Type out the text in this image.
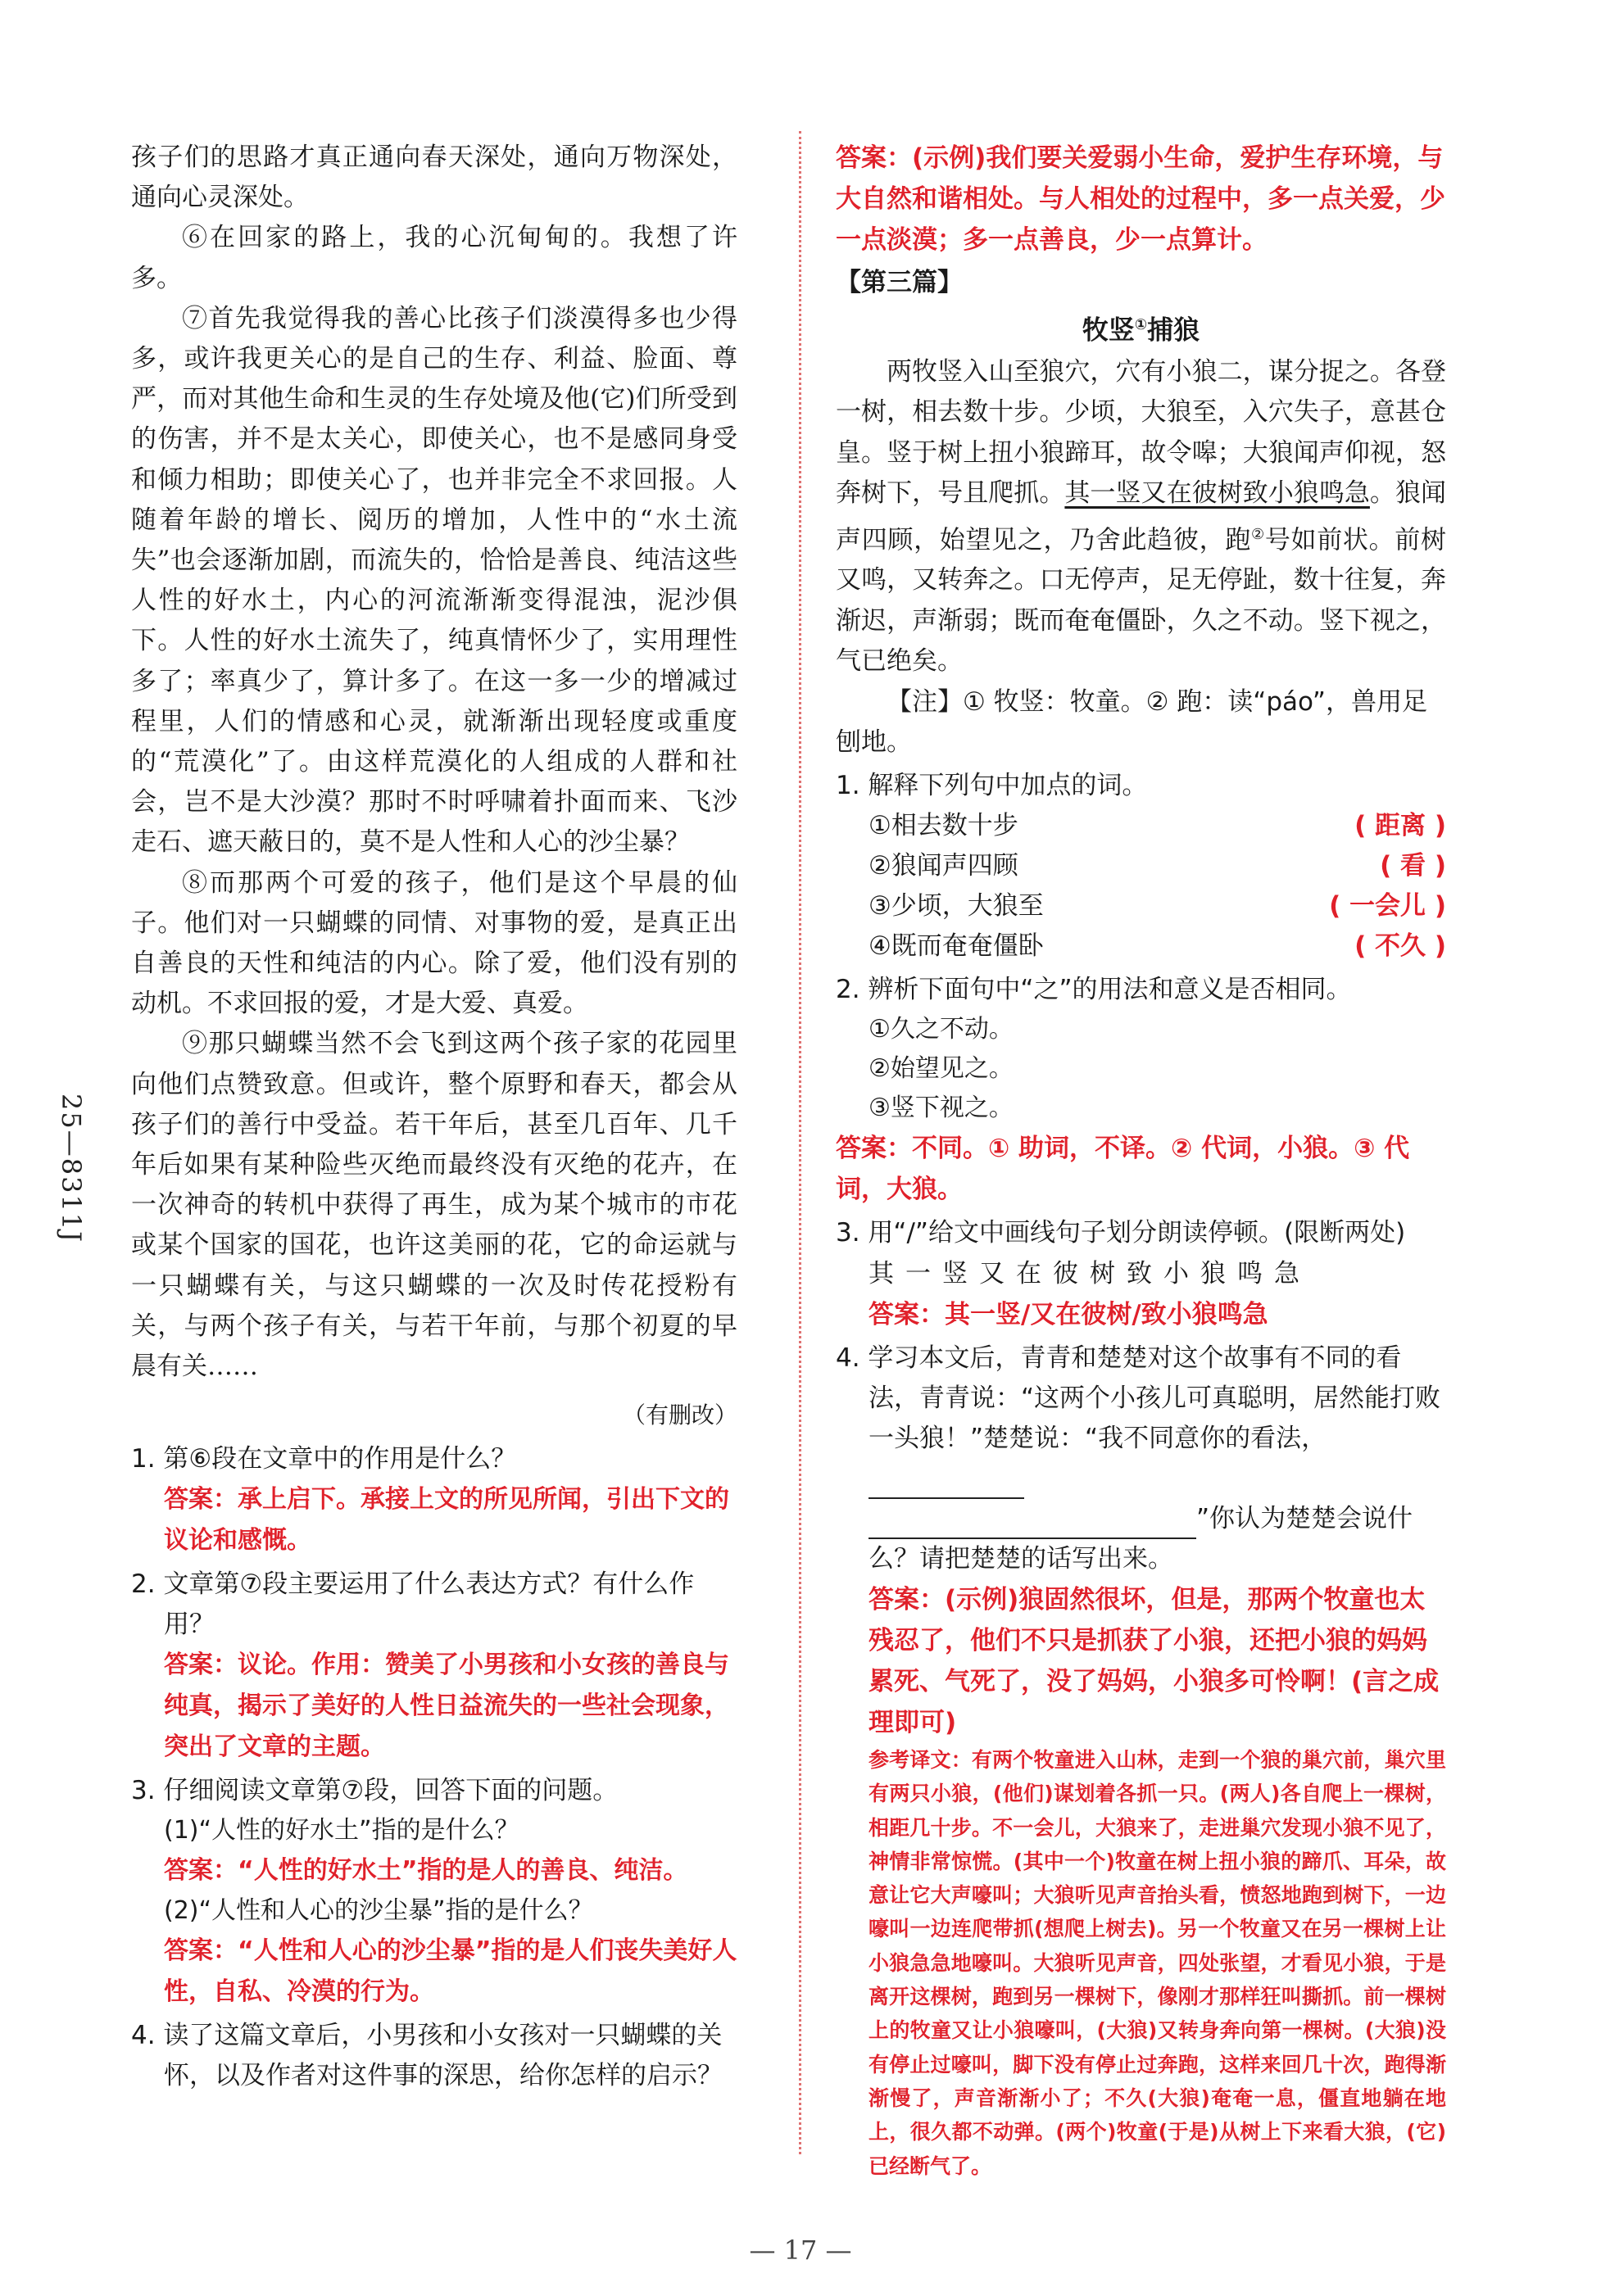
25—8311J

孩子们的思路才真正通向春天深处，通向万物深处，通向心灵深处。

⑥在回家的路上，我的心沉甸甸的。我想了许多。

⑦首先我觉得我的善心比孩子们淡漠得多也少得多，或许我更关心的是自己的生存、利益、脸面、尊严，而对其他生命和生灵的生存处境及他(它)们所受到的伤害，并不是太关心，即使关心，也不是感同身受和倾力相助；即使关心了，也并非完全不求回报。人随着年龄的增长、阅历的增加，人性中的“水土流失”也会逐渐加剧，而流失的，恰恰是善良、纯洁这些人性的好水土，内心的河流渐渐变得混浊，泥沙俱下。人性的好水土流失了，纯真情怀少了，实用理性多了；率真少了，算计多了。在这一多一少的增减过程里，人们的情感和心灵，就渐渐出现轻度或重度的“荒漠化”了。由这样荒漠化的人组成的人群和社会，岂不是大沙漠？那时不时呼啸着扑面而来、飞沙走石、遮天蔽日的，莫不是人性和人心的沙尘暴？

⑧而那两个可爱的孩子，他们是这个早晨的仙子。他们对一只蝴蝶的同情、对事物的爱，是真正出自善良的天性和纯洁的内心。除了爱，他们没有别的动机。不求回报的爱，才是大爱、真爱。

⑨那只蝴蝶当然不会飞到这两个孩子家的花园里向他们点赞致意。但或许，整个原野和春天，都会从孩子们的善行中受益。若干年后，甚至几百年、几千年后如果有某种险些灭绝而最终没有灭绝的花卉，在一次神奇的转机中获得了再生，成为某个城市的市花或某个国家的国花，也许这美丽的花，它的命运就与一只蝴蝶有关，与这只蝴蝶的一次及时传花授粉有关，与两个孩子有关，与若干年前，与那个初夏的早晨有关……

（有删改）

1. 第⑥段在文章中的作用是什么？

答案：承上启下。承接上文的所见所闻，引出下文的议论和感慨。

2. 文章第⑦段主要运用了什么表达方式？有什么作用？

答案：议论。作用：赞美了小男孩和小女孩的善良与纯真，揭示了美好的人性日益流失的一些社会现象，突出了文章的主题。

3. 仔细阅读文章第⑦段，回答下面的问题。

(1)“人性的好水土”指的是什么？

答案：“人性的好水土”指的是人的善良、纯洁。

(2)“人性和人心的沙尘暴”指的是什么？

答案：“人性和人心的沙尘暴”指的是人们丧失美好人性，自私、冷漠的行为。

4. 读了这篇文章后，小男孩和小女孩对一只蝴蝶的关怀，以及作者对这件事的深思，给你怎样的启示？

答案：(示例)我们要关爱弱小生命，爱护生存环境，与大自然和谐相处。与人相处的过程中，多一点关爱，少一点淡漠；多一点善良，少一点算计。

【第三篇】

牧竖①捕狼

两牧竖入山至狼穴，穴有小狼二，谋分捉之。各登一树，相去数十步。少顷，大狼至，入穴失子，意甚仓皇。竖于树上扭小狼蹄耳，故令嗥；大狼闻声仰视，怒奔树下，号且爬抓。其一竖又在彼树致小狼鸣急。狼闻声四顾，始望见之，乃舍此趋彼，跑②号如前状。前树又鸣，又转奔之。口无停声，足无停趾，数十往复，奔渐迟，声渐弱；既而奄奄僵卧，久之不动。竖下视之，气已绝矣。

【注】① 牧竖：牧童。② 跑：读“páo”，兽用足刨地。

1. 解释下列句中加点的词。

①相去数十步	( 距离 )
②狼闻声四顾	( 看 )
③少顷，大狼至	( 一会儿 )
④既而奄奄僵卧	( 不久 )

2. 辨析下面句中“之”的用法和意义是否相同。

①久之不动。

②始望见之。

③竖下视之。

答案：不同。① 助词，不译。② 代词，小狼。③ 代词，大狼。

3. 用“/”给文中画线句子划分朗读停顿。(限断两处)

其一竖又在彼树致小狼鸣急

答案：其一竖/又在彼树/致小狼鸣急

4. 学习本文后，青青和楚楚对这个故事有不同的看法，青青说：“这两个小孩儿可真聪明，居然能打败一头狼！”楚楚说：“我不同意你的看法，
”你认为楚楚会说什么？请把楚楚的话写出来。

答案：(示例)狼固然很坏，但是，那两个牧童也太残忍了，他们不只是抓获了小狼，还把小狼的妈妈累死、气死了，没了妈妈，小狼多可怜啊！(言之成理即可)

参考译文：有两个牧童进入山林，走到一个狼的巢穴前，巢穴里有两只小狼，(他们)谋划着各抓一只。(两人)各自爬上一棵树，相距几十步。不一会儿，大狼来了，走进巢穴发现小狼不见了，神情非常惊慌。(其中一个)牧童在树上扭小狼的蹄爪、耳朵，故意让它大声嚎叫；大狼听见声音抬头看，愤怒地跑到树下，一边嚎叫一边连爬带抓(想爬上树去)。另一个牧童又在另一棵树上让小狼急急地嚎叫。大狼听见声音，四处张望，才看见小狼，于是离开这棵树，跑到另一棵树下，像刚才那样狂叫撕抓。前一棵树上的牧童又让小狼嚎叫，(大狼)又转身奔向第一棵树。(大狼)没有停止过嚎叫，脚下没有停止过奔跑，这样来回几十次，跑得渐渐慢了，声音渐渐小了；不久(大狼)奄奄一息，僵直地躺在地上，很久都不动弹。(两个)牧童(于是)从树上下来看大狼，(它)已经断气了。

— 17 —
